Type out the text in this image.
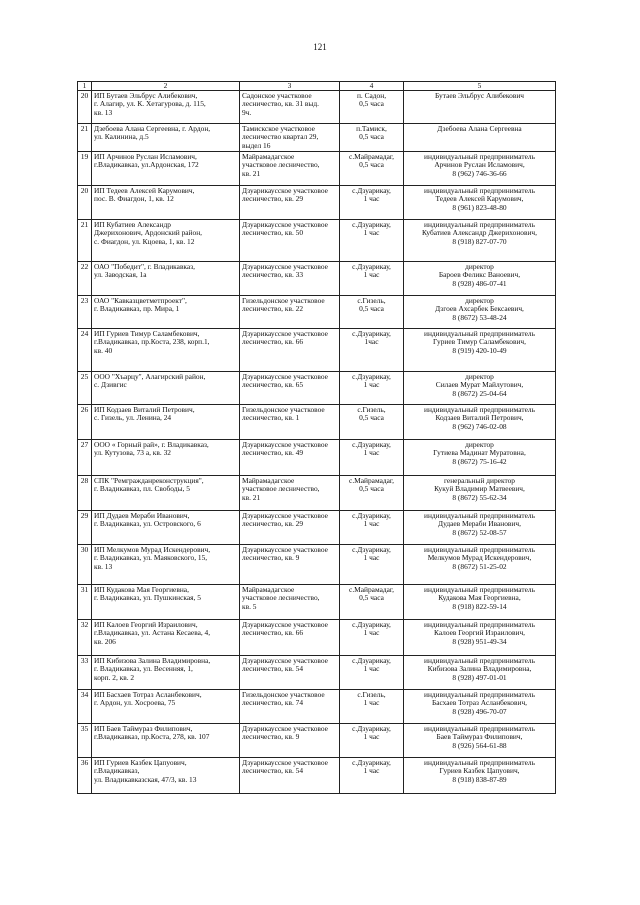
121
1	2	3	4	5
20	ИП Бутаев Эльбрус Алибекович,
г. Алагир, ул. К. Хетагурова, д. 115,
кв. 13	Садонское участковое
лесничество, кв. 31 выд.
9ч.	п. Садон,
0,5 часа	Бутаев Эльбрус Алибекович

21	Дзебоева Алана Сергеевна, г. Ардон,
ул. Калинина, д.5	Тамискское участковое
лесничество квартал 29,
выдел 16	п.Тамиск,
0,5 часа	Дзебоева Алана Сергеевна

19	ИП Арчинов Руслан Исламович,
г.Владикавказ, ул.Ардонская, 172	Майрамадагское
участковое лесничество,
кв. 21	с.Майрамадаг,
0,5 часа	индивидуальный предприниматель
Арчинов Руслан Исламович,
8 (962) 746-36-66

20	ИП Тедеев Алексей Карумович,
пос. В. Фиагдон, 1, кв. 12	Дзуарикаусское участковое
лесничество, кв. 29	с.Дзуарикау,
1 час	индивидуальный предприниматель
Тедеев Алексей Карумович,
8 (961) 823-48-80

21	ИП Кубатиев Александр
Джерихонович, Ардонский район,
с. Фиагдон, ул. Кцоева, 1, кв. 12	Дзуарикаусское участковое
лесничество, кв. 50	с.Дзуарикау,
1 час	индивидуальный предприниматель
Кубатиев Александр Джерихонович,
8 (918) 827-07-70

22	ОАО "Победит", г. Владикавказ,
ул. Заводская, 1а	Дзуарикаусское участковое
лесничество, кв. 33	с.Дзуарикау,
1 час	директор
Бароев Феликс Ваноевич,
8 (928) 486-07-41

23	ОАО "Кавказцветметпроект",
г. Владикавказ, пр. Мира, 1	Гизельдонское участковое
лесничество, кв. 22	с.Гизель,
0,5 часа	директор
Дзгоев Ахсарбек Бексаевич,
8 (8672) 53-48-24

24	ИП Гуриев Тимур Саламбекович,
г.Владикавказ, пр.Коста, 238, корп.1,
кв. 40	Дзуарикаусское участковое
лесничество, кв. 66	с.Дзуарикау,
1час	индивидуальный предприниматель
Гуриев Тимур Саламбекович,
8 (919) 420-10-49

25	ООО "Хъарцу", Алагирский район,
с. Дзивгис	Дзуарикаусское участковое
лесничество, кв. 65	с.Дзуарикау,
1 час	директор
Силаев Мурат Майлутович,
8 (8672) 25-04-64

26	ИП Кодзаев Виталий Петрович,
с. Гизель, ул. Ленина, 24	Гизельдонское участковое
лесничество, кв. 1	с.Гизель,
0,5 часа	индивидуальный предприниматель
Кодзаев Виталий Петрович,
8 (962) 746-02-08

27	ООО « Горный рай», г. Владикавказ,
ул. Кутузова, 73 а, кв. 32	Дзуарикаусское участковое
лесничество, кв. 49	с.Дзуарикау,
1 час	директор
Гутиева Мадинат Муратовна,
8 (8672) 75-16-42

28	СПК "Ремгражданреконструкция",
г. Владикавказ, пл. Свободы, 5	Майрамадагское
участковое лесничество,
кв. 21	с.Майрамадаг,
0,5 часа	генеральный директор
Кукуй Владимир Матвеевич,
8 (8672) 55-62-34

29	ИП Дудаев Мераби Иванович,
г. Владикавказ, ул. Островского, 6	Дзуарикаусское участковое
лесничество, кв. 29	с.Дзуарикау,
1 час	индивидуальный предприниматель
Дудаев Мераби Иванович,
8 (8672) 52-08-57

30	ИП Мелкумов Мурад Искендерович,
г. Владикавказ, ул. Маяковского, 15,
кв. 13	Дзуарикаусское участковое
лесничество, кв. 9	с.Дзуарикау,
1 час	индивидуальный предприниматель
Мелкумов Мурад Искендерович,
8 (8672) 51-25-02

31	ИП Кудакова Мая Георгиевна,
г. Владикавказ, ул. Пушкинская, 5	Майрамадагское
участковое лесничество,
кв. 5	с.Майрамадаг,
0,5 часа	индивидуальный предприниматель
Кудакова Мая Георгиевна,
8 (918) 822-59-14

32	ИП Калоев Георгий Израилович,
г.Владикавказ, ул. Астана Кесаева, 4,
кв. 206	Дзуарикаусское участковое
лесничество, кв. 66	с.Дзуарикау,
1 час	индивидуальный предприниматель
Калоев Георгий Израилович,
8 (928) 951-49-34

33	ИП Кибизова Залина Владимировна,
г. Владикавказ, ул. Весенняя, 1,
корп. 2, кв. 2	Дзуарикаусское участковое
лесничество, кв. 54	с.Дзуарикау,
1 час	индивидуальный предприниматель
Кибизова Залина Владимировна,
8 (928) 497-01-01

34	ИП Басхаев Тотраз Асланбекович,
г. Ардон, ул. Хосроева, 75	Гизельдонское участковое
лесничество, кв. 74	с.Гизель,
1 час	индивидуальный предприниматель
Басхаев Тотраз Асланбекович,
8 (928) 496-70-07

35	ИП Баев Таймураз Филипович,
г.Владикавказ, пр.Коста, 278, кв. 107	Дзуарикаусское участковое
лесничество, кв. 9	с.Дзуарикау,
1 час	индивидуальный предприниматель
Баев Таймураз Филипович,
8 (926) 564-61-88

36	ИП Гуриев Казбек Цапуович,
г.Владикавказ,
ул. Владикавказская, 47/3, кв. 13	Дзуарикаусское участковое
лесничество, кв. 54	с.Дзуарикау,
1 час	индивидуальный предприниматель
Гуриев Казбек Цапуович,
8 (918) 838-87-89
